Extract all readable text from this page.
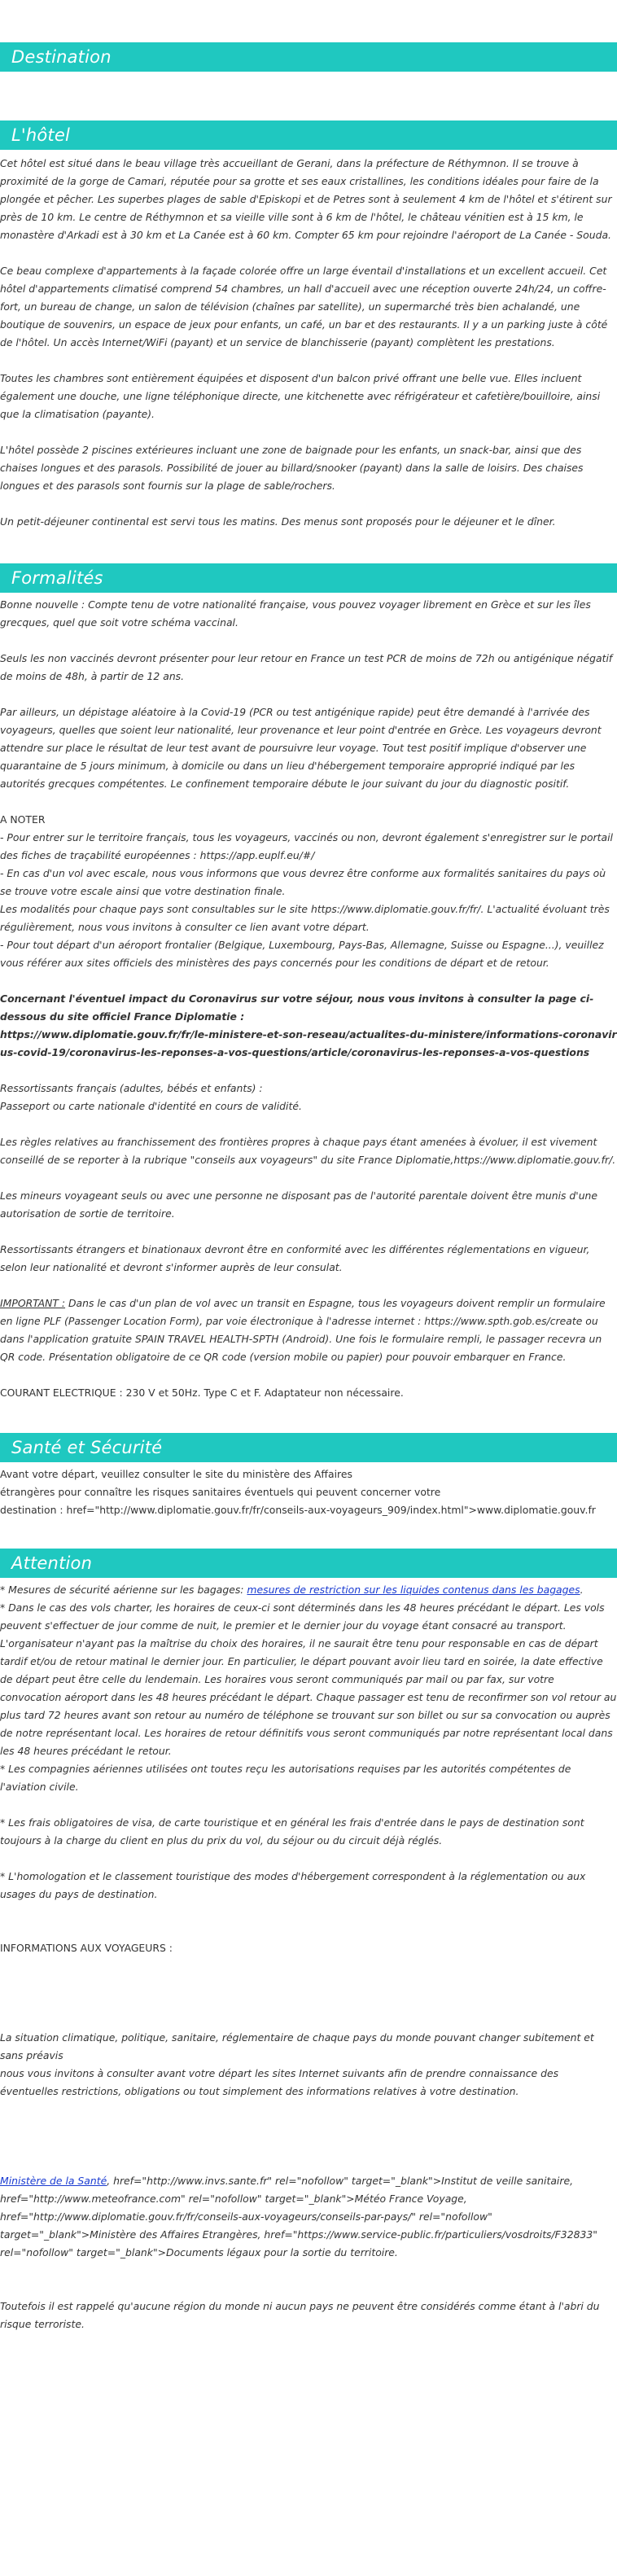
Destination
L'hôtel

Cet hôtel est situé dans le beau village très accueillant de Gerani, dans la préfecture de Réthymnon. Il se trouve à proximité de la gorge de Camari, réputée pour sa grotte et ses eaux cristallines, les conditions idéales pour faire de la plongée et pêcher. Les superbes plages de sable d'Episkopi et de Petres sont à seulement 4 km de l'hôtel et s'étirent sur près de 10 km. Le centre de Réthymnon et sa vieille ville sont à 6 km de l'hôtel, le château vénitien est à 15 km, le monastère d'Arkadi est à 30 km et La Canée est à 60 km. Compter 65 km pour rejoindre l'aéroport de La Canée - Souda.

Ce beau complexe d'appartements à la façade colorée offre un large éventail d'installations et un excellent accueil. Cet hôtel d'appartements climatisé comprend 54 chambres, un hall d'accueil avec une réception ouverte 24h/24, un coffre-fort, un bureau de change, un salon de télévision (chaînes par satellite), un supermarché très bien achalandé, une boutique de souvenirs, un espace de jeux pour enfants, un café, un bar et des restaurants. Il y a un parking juste à côté de l'hôtel. Un accès Internet/WiFi (payant) et un service de blanchisserie (payant) complètent les prestations.

Toutes les chambres sont entièrement équipées et disposent d'un balcon privé offrant une belle vue. Elles incluent également une douche, une ligne téléphonique directe, une kitchenette avec réfrigérateur et cafetière/bouilloire, ainsi que la climatisation (payante).

L'hôtel possède 2 piscines extérieures incluant une zone de baignade pour les enfants, un snack-bar, ainsi que des chaises longues et des parasols. Possibilité de jouer au billard/snooker (payant) dans la salle de loisirs. Des chaises longues et des parasols sont fournis sur la plage de sable/rochers.

Un petit-déjeuner continental est servi tous les matins. Des menus sont proposés pour le déjeuner et le dîner.

Formalités

Bonne nouvelle : Compte tenu de votre nationalité française, vous pouvez voyager librement en Grèce et sur les îles grecques, quel que soit votre schéma vaccinal.

Seuls les non vaccinés devront présenter pour leur retour en France un test PCR de moins de 72h ou antigénique négatif de moins de 48h, à partir de 12 ans.

Par ailleurs, un dépistage aléatoire à la Covid-19 (PCR ou test antigénique rapide) peut être demandé à l'arrivée des voyageurs, quelles que soient leur nationalité, leur provenance et leur point d'entrée en Grèce. Les voyageurs devront attendre sur place le résultat de leur test avant de poursuivre leur voyage. Tout test positif implique d'observer une quarantaine de 5 jours minimum, à domicile ou dans un lieu d'hébergement temporaire approprié indiqué par les autorités grecques compétentes. Le confinement temporaire débute le jour suivant du jour du diagnostic positif.

A NOTER

- Pour entrer sur le territoire français, tous les voyageurs, vaccinés ou non, devront également s'enregistrer sur le portail des fiches de traçabilité européennes : https://app.euplf.eu/#/

- En cas d'un vol avec escale, nous vous informons que vous devrez être conforme aux formalités sanitaires du pays où se trouve votre escale ainsi que votre destination finale.

Les modalités pour chaque pays sont consultables sur le site https://www.diplomatie.gouv.fr/fr/. L'actualité évoluant très régulièrement, nous vous invitons à consulter ce lien avant votre départ.

- Pour tout départ d'un aéroport frontalier (Belgique, Luxembourg, Pays-Bas, Allemagne, Suisse ou Espagne...), veuillez vous référer aux sites officiels des ministères des pays concernés pour les conditions de départ et de retour.

Concernant l'éventuel impact du Coronavirus sur votre séjour, nous vous invitons à consulter la page ci-dessous du site officiel France Diplomatie :

https://www.diplomatie.gouv.fr/fr/le-ministere-et-son-reseau/actualites-du-ministere/informations-coronavirus-covid-19/coronavirus-les-reponses-a-vos-questions/article/coronavirus-les-reponses-a-vos-questions

Ressortissants français (adultes, bébés et enfants) :

Passeport ou carte nationale d'identité en cours de validité.

Les règles relatives au franchissement des frontières propres à chaque pays étant amenées à évoluer, il est vivement conseillé de se reporter à la rubrique "conseils aux voyageurs" du site France Diplomatie,https://www.diplomatie.gouv.fr/.

Les mineurs voyageant seuls ou avec une personne ne disposant pas de l'autorité parentale doivent être munis d'une autorisation de sortie de territoire.

Ressortissants étrangers et binationaux devront être en conformité avec les différentes réglementations en vigueur, selon leur nationalité et devront s'informer auprès de leur consulat.

IMPORTANT : Dans le cas d'un plan de vol avec un transit en Espagne, tous les voyageurs doivent remplir un formulaire en ligne PLF (Passenger Location Form), par voie électronique à l'adresse internet : https://www.spth.gob.es/create ou dans l'application gratuite SPAIN TRAVEL HEALTH-SPTH (Android). Une fois le formulaire rempli, le passager recevra un QR code. Présentation obligatoire de ce QR code (version mobile ou papier) pour pouvoir embarquer en France.

COURANT ELECTRIQUE : 230 V et 50Hz. Type C et F. Adaptateur non nécessaire.

Santé et Sécurité

Avant votre départ, veuillez consulter le site du ministère des Affaires

étrangères pour connaître les risques sanitaires éventuels qui peuvent concerner votre

destination : href="http://www.diplomatie.gouv.fr/fr/conseils-aux-voyageurs_909/index.html">www.diplomatie.gouv.fr

Attention

* Mesures de sécurité aérienne sur les bagages: mesures de restriction sur les liquides contenus dans les bagages.

* Dans le cas des vols charter, les horaires de ceux-ci sont déterminés dans les 48 heures précédant le départ. Les vols peuvent s'effectuer de jour comme de nuit, le premier et le dernier jour du voyage étant consacré au transport. L'organisateur n'ayant pas la maîtrise du choix des horaires, il ne saurait être tenu pour responsable en cas de départ tardif et/ou de retour matinal le dernier jour. En particulier, le départ pouvant avoir lieu tard en soirée, la date effective de départ peut être celle du lendemain. Les horaires vous seront communiqués par mail ou par fax, sur votre convocation aéroport dans les 48 heures précédant le départ. Chaque passager est tenu de reconfirmer son vol retour au plus tard 72 heures avant son retour au numéro de téléphone se trouvant sur son billet ou sur sa convocation ou auprès de notre représentant local. Les horaires de retour définitifs vous seront communiqués par notre représentant local dans les 48 heures précédant le retour.

* Les compagnies aériennes utilisées ont toutes reçu les autorisations requises par les autorités compétentes de l'aviation civile.

* Les frais obligatoires de visa, de carte touristique et en général les frais d'entrée dans le pays de destination sont toujours à la charge du client en plus du prix du vol, du séjour ou du circuit déjà réglés.

* L'homologation et le classement touristique des modes d'hébergement correspondent à la réglementation ou aux usages du pays de destination.

INFORMATIONS AUX VOYAGEURS :

La situation climatique, politique, sanitaire, réglementaire de chaque pays du monde pouvant changer subitement et sans préavis

nous vous invitons à consulter avant votre départ les sites Internet suivants afin de prendre connaissance des éventuelles restrictions, obligations ou tout simplement des informations relatives à votre destination.

Ministère de la Santé, href="http://www.invs.sante.fr" rel="nofollow" target="_blank">Institut de veille sanitaire, href="http://www.meteofrance.com" rel="nofollow" target="_blank">Météo France Voyage, href="http://www.diplomatie.gouv.fr/fr/conseils-aux-voyageurs/conseils-par-pays/" rel="nofollow" target="_blank">Ministère des Affaires Etrangères, href="https://www.service-public.fr/particuliers/vosdroits/F32833" rel="nofollow" target="_blank">Documents légaux pour la sortie du territoire.

Toutefois il est rappelé qu'aucune région du monde ni aucun pays ne peuvent être considérés comme étant à l'abri du risque terroriste.
